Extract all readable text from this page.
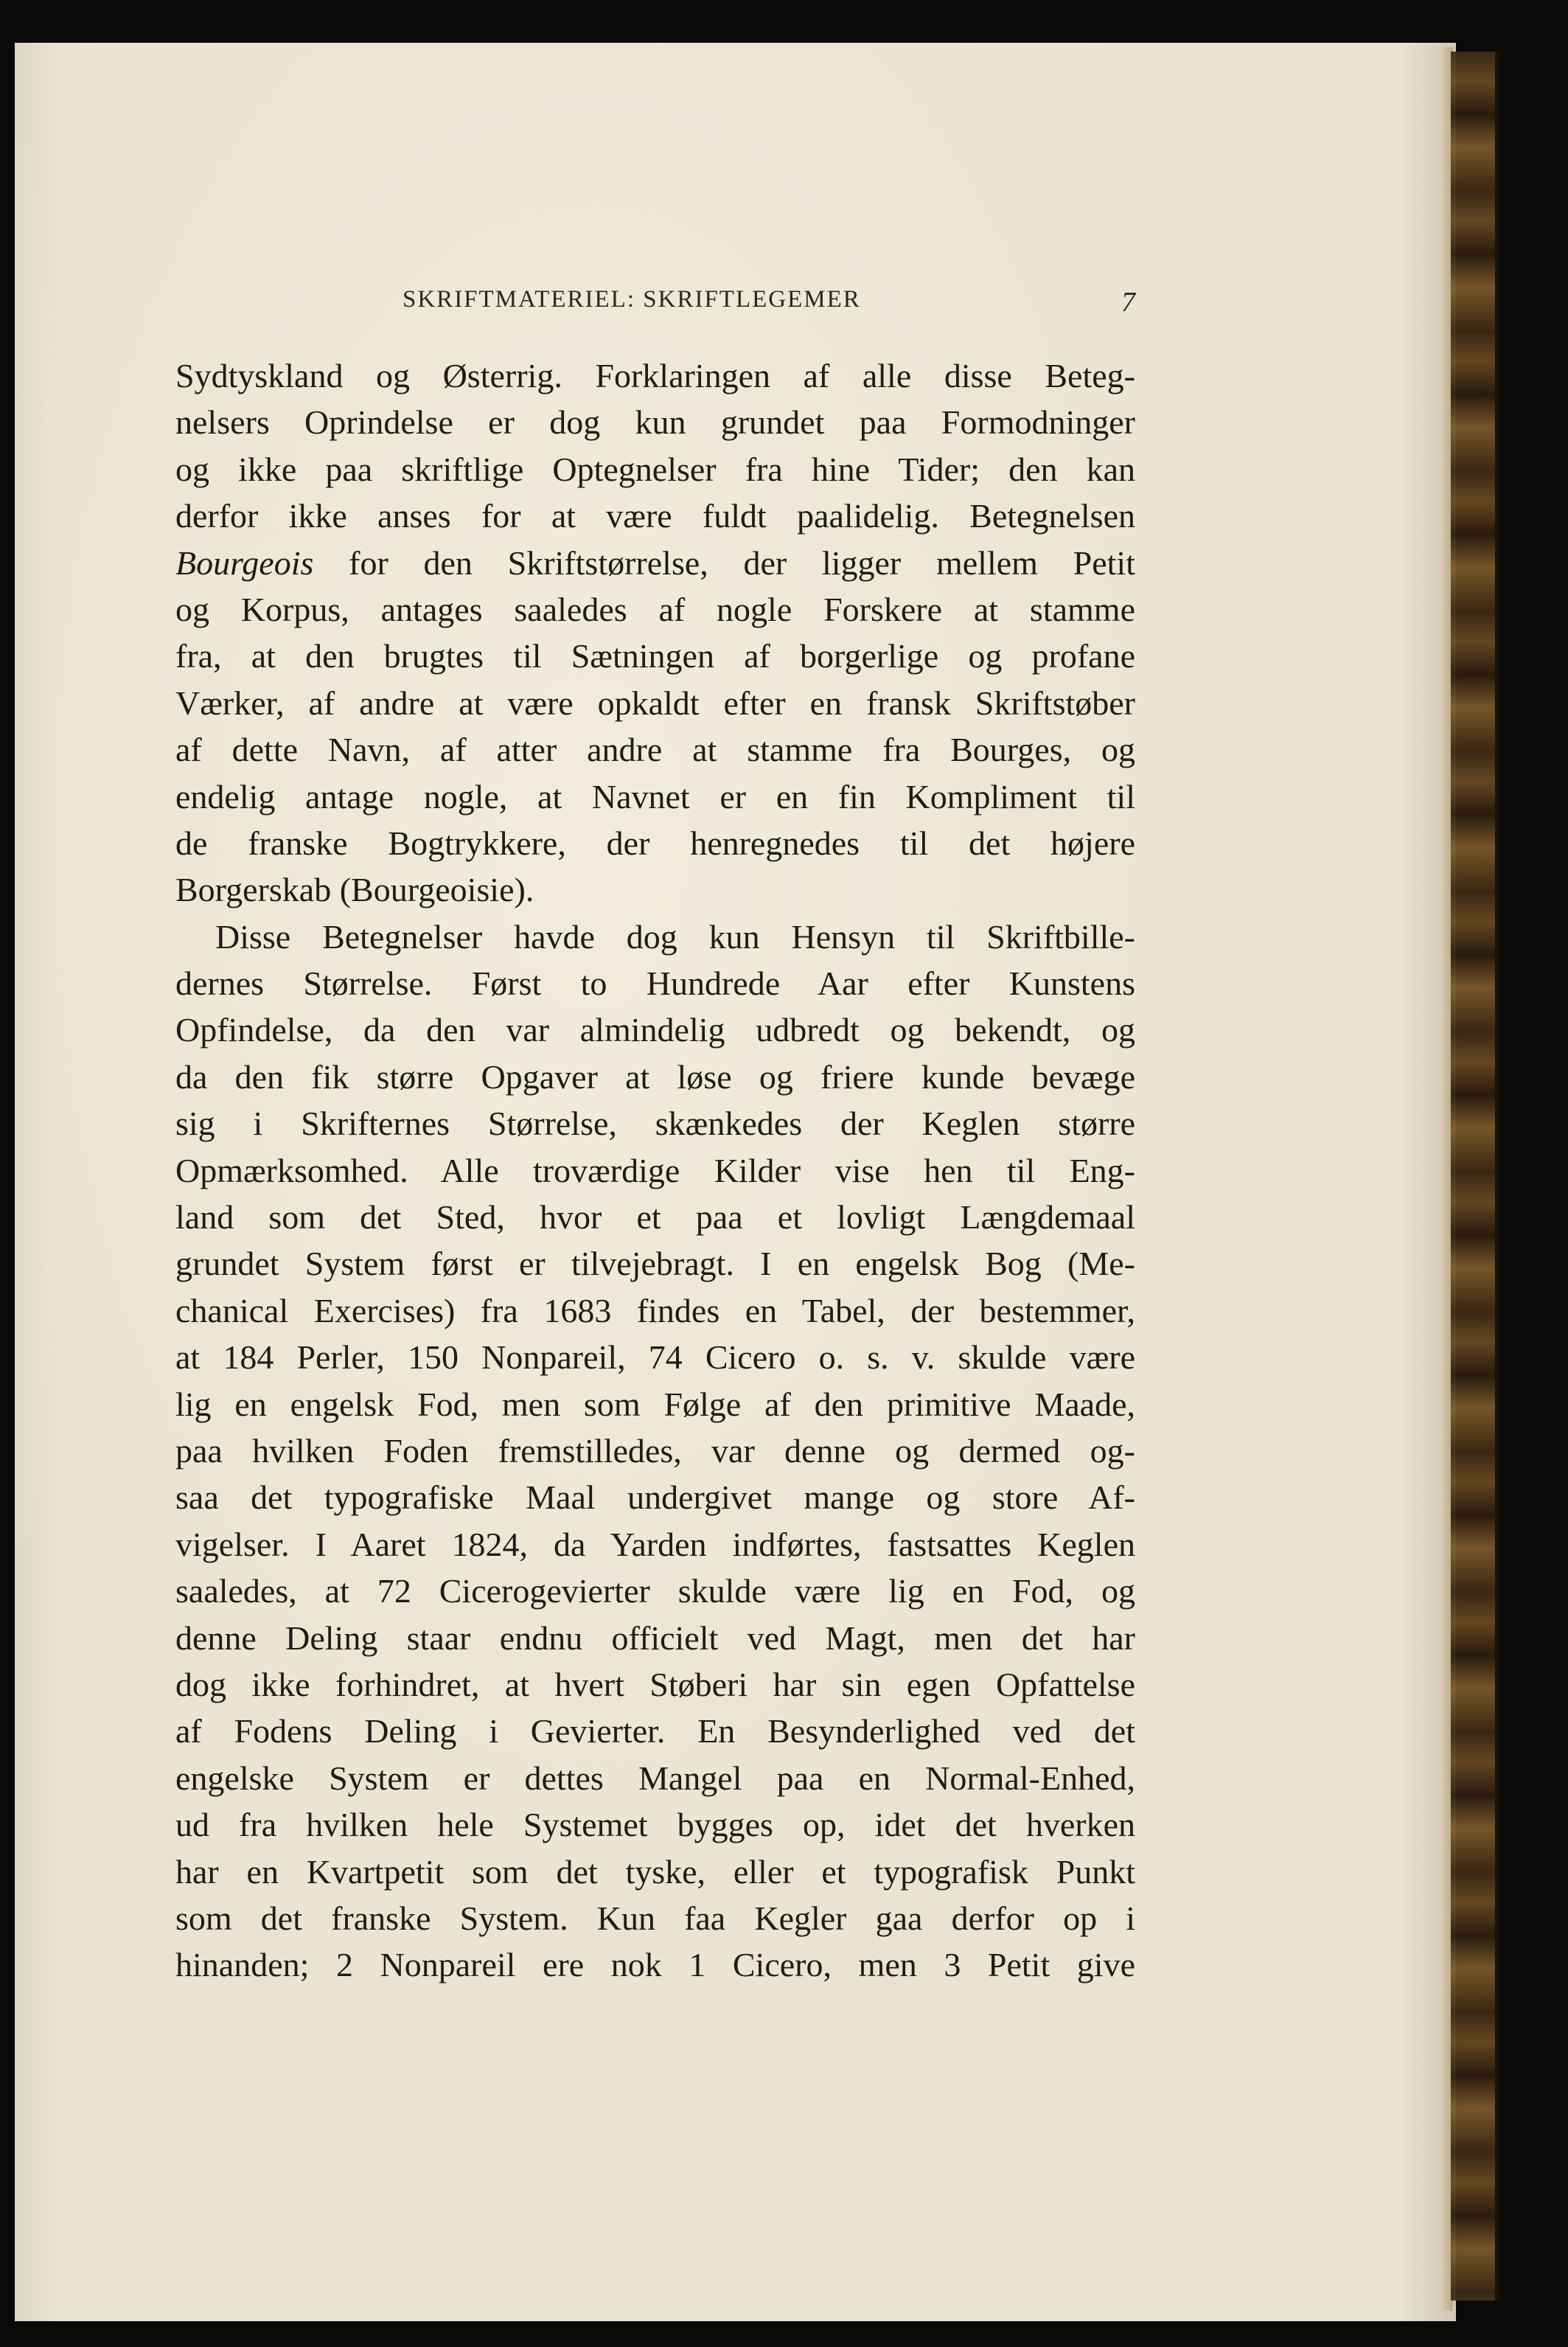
SKRIFTMATERIEL: SKRIFTLEGEMER	7
Sydtyskland og Østerrig. Forklaringen af alle disse Beteg-
nelsers Oprindelse er dog kun grundet paa Formodninger
og ikke paa skriftlige Optegnelser fra hine Tider; den kan
derfor ikke anses for at være fuldt paalidelig. Betegnelsen
Bourgeois for den Skriftstørrelse, der ligger mellem Petit
og Korpus, antages saaledes af nogle Forskere at stamme
fra, at den brugtes til Sætningen af borgerlige og profane
Værker, af andre at være opkaldt efter en fransk Skriftstøber
af dette Navn, af atter andre at stamme fra Bourges, og
endelig antage nogle, at Navnet er en fin Kompliment til
de franske Bogtrykkere, der henregnedes til det højere
Borgerskab (Bourgeoisie).
Disse Betegnelser havde dog kun Hensyn til Skriftbille-
dernes Størrelse. Først to Hundrede Aar efter Kunstens
Opfindelse, da den var almindelig udbredt og bekendt, og
da den fik større Opgaver at løse og friere kunde bevæge
sig i Skrifternes Størrelse, skænkedes der Keglen større
Opmærksomhed. Alle troværdige Kilder vise hen til Eng-
land som det Sted, hvor et paa et lovligt Længdemaal
grundet System først er tilvejebragt. I en engelsk Bog (Me-
chanical Exercises) fra 1683 findes en Tabel, der bestemmer,
at 184 Perler, 150 Nonpareil, 74 Cicero o. s. v. skulde være
lig en engelsk Fod, men som Følge af den primitive Maade,
paa hvilken Foden fremstilledes, var denne og dermed og-
saa det typografiske Maal undergivet mange og store Af-
vigelser. I Aaret 1824, da Yarden indførtes, fastsattes Keglen
saaledes, at 72 Cicerogevierter skulde være lig en Fod, og
denne Deling staar endnu officielt ved Magt, men det har
dog ikke forhindret, at hvert Støberi har sin egen Opfattelse
af Fodens Deling i Gevierter. En Besynderlighed ved det
engelske System er dettes Mangel paa en Normal-Enhed,
ud fra hvilken hele Systemet bygges op, idet det hverken
har en Kvartpetit som det tyske, eller et typografisk Punkt
som det franske System. Kun faa Kegler gaa derfor op i
hinanden; 2 Nonpareil ere nok 1 Cicero, men 3 Petit give
